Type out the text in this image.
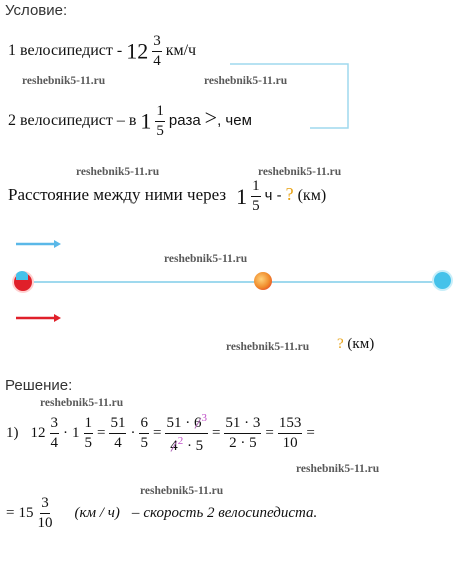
Условие:
1 велосипедист - $12 \frac{3}{4} км/ч$
2 велосипедист – в $1 \frac{1}{5}$ раза >, чем
Расстояние между ними через $1 \frac{1}{5}$ ч - ? (км)
? (км)
Решение:
1) $12 \frac{3}{4} \cdot 1 \frac{1}{5} = \frac{51}{4} \cdot \frac{6}{5} = \frac{51 \cdot 6^3}{4^2 \cdot 5} = \frac{51 \cdot 3}{2 \cdot 5} = \frac{153}{10}$ =
= $15 \frac{3}{10} (км / ч)$ – скорость 2 велосипедиста.
reshebnik5-11.ru	reshebnik5-11.ru
reshebnik5-11.ru	reshebnik5-11.ru
reshebnik5-11.ru
reshebnik5-11.ru
reshebnik5-11.ru
reshebnik5-11.ru
reshebnik5-11.ru
